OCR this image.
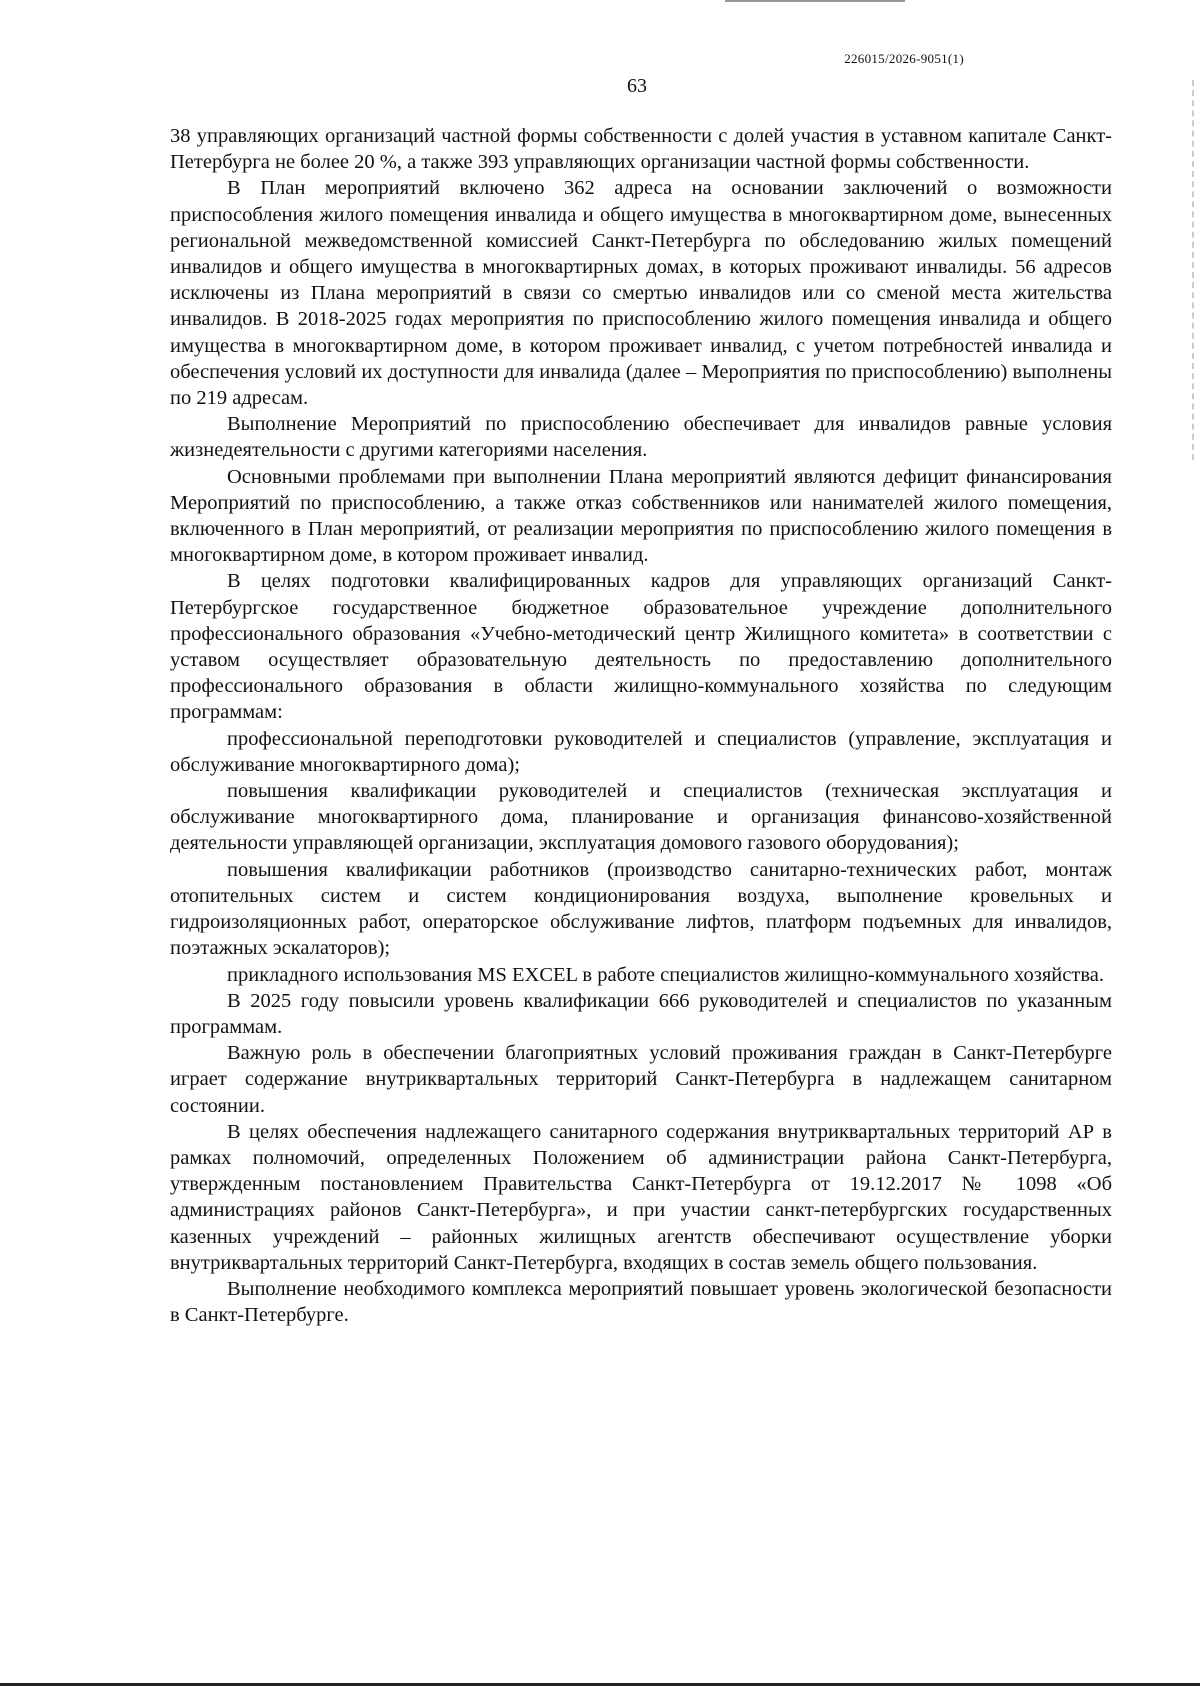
226015/2026-9051(1)
63

38 управляющих организаций частной формы собственности с долей участия в уставном капитале Санкт-Петербурга не более 20 %, а также 393 управляющих организации частной формы собственности.

В План мероприятий включено 362 адреса на основании заключений о возможности приспособления жилого помещения инвалида и общего имущества в многоквартирном доме, вынесенных региональной межведомственной комиссией Санкт-Петербурга по обследованию жилых помещений инвалидов и общего имущества в многоквартирных домах, в которых проживают инвалиды. 56 адресов исключены из Плана мероприятий в связи со смертью инвалидов или со сменой места жительства инвалидов. В 2018-2025 годах мероприятия по приспособлению жилого помещения инвалида и общего имущества в многоквартирном доме, в котором проживает инвалид, с учетом потребностей инвалида и обеспечения условий их доступности для инвалида (далее – Мероприятия по приспособлению) выполнены по 219 адресам.

Выполнение Мероприятий по приспособлению обеспечивает для инвалидов равные условия жизнедеятельности с другими категориями населения.

Основными проблемами при выполнении Плана мероприятий являются дефицит финансирования Мероприятий по приспособлению, а также отказ собственников или нанимателей жилого помещения, включенного в План мероприятий, от реализации мероприятия по приспособлению жилого помещения в многоквартирном доме, в котором проживает инвалид.

В целях подготовки квалифицированных кадров для управляющих организаций Санкт-Петербургское государственное бюджетное образовательное учреждение дополнительного профессионального образования «Учебно-методический центр Жилищного комитета» в соответствии с уставом осуществляет образовательную деятельность по предоставлению дополнительного профессионального образования в области жилищно-коммунального хозяйства по следующим программам:

профессиональной переподготовки руководителей и специалистов (управление, эксплуатация и обслуживание многоквартирного дома);

повышения квалификации руководителей и специалистов (техническая эксплуатация и обслуживание многоквартирного дома, планирование и организация финансово-хозяйственной деятельности управляющей организации, эксплуатация домового газового оборудования);

повышения квалификации работников (производство санитарно-технических работ, монтаж отопительных систем и систем кондиционирования воздуха, выполнение кровельных и гидроизоляционных работ, операторское обслуживание лифтов, платформ подъемных для инвалидов, поэтажных эскалаторов);

прикладного использования MS EXCEL в работе специалистов жилищно-коммунального хозяйства.

В 2025 году повысили уровень квалификации 666 руководителей и специалистов по указанным программам.

Важную роль в обеспечении благоприятных условий проживания граждан в Санкт-Петербурге играет содержание внутриквартальных территорий Санкт-Петербурга в надлежащем санитарном состоянии.

В целях обеспечения надлежащего санитарного содержания внутриквартальных территорий АР в рамках полномочий, определенных Положением об администрации района Санкт-Петербурга, утвержденным постановлением Правительства Санкт-Петербурга от 19.12.2017 № 1098 «Об администрациях районов Санкт-Петербурга», и при участии санкт-петербургских государственных казенных учреждений – районных жилищных агентств обеспечивают осуществление уборки внутриквартальных территорий Санкт-Петербурга, входящих в состав земель общего пользования.

Выполнение необходимого комплекса мероприятий повышает уровень экологической безопасности в Санкт-Петербурге.
